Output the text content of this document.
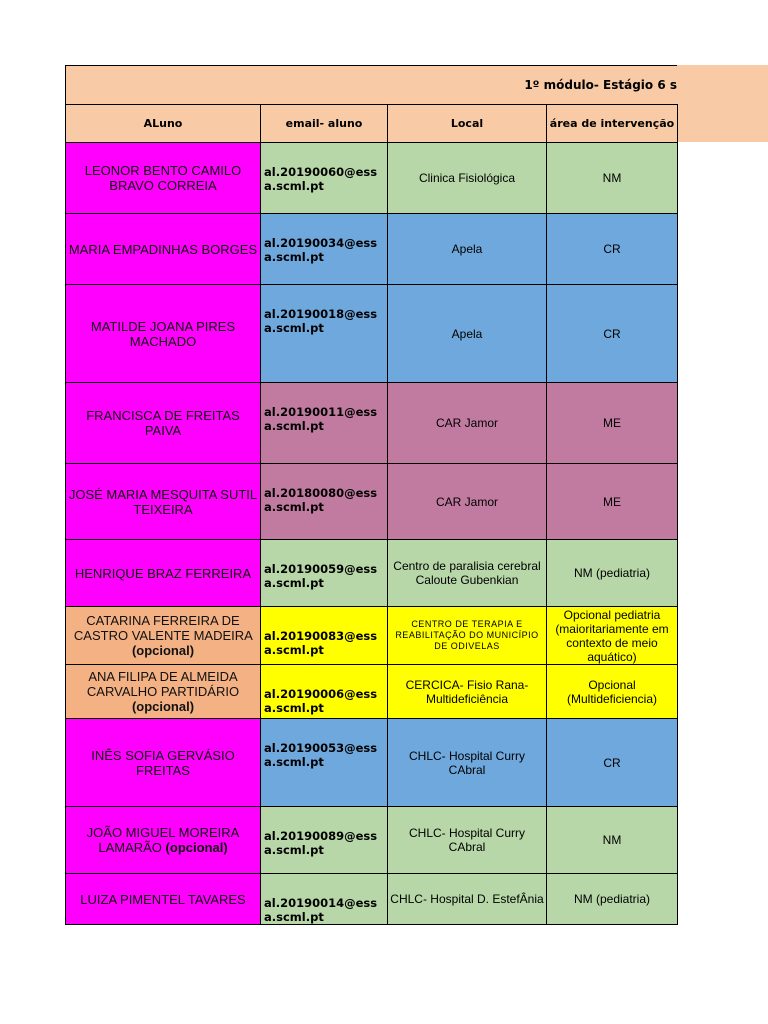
1º módulo- Estágio 6 s
ALuno	email- aluno	Local	área de intervenção
LEONOR BENTO CAMILO BRAVO CORREIA	al.20190060@essa.scml.pt	Clinica Fisiológica	NM
MARIA EMPADINHAS BORGES	al.20190034@essa.scml.pt	Apela	CR
MATILDE JOANA PIRES MACHADO	al.20190018@essa.scml.pt	Apela	CR
FRANCISCA DE FREITAS PAIVA	al.20190011@essa.scml.pt	CAR Jamor	ME
JOSÉ MARIA MESQUITA SUTIL TEIXEIRA	al.20180080@essa.scml.pt	CAR Jamor	ME
HENRIQUE BRAZ FERREIRA	al.20190059@essa.scml.pt	Centro de paralisia cerebral Caloute Gubenkian	NM (pediatria)
CATARINA FERREIRA DE CASTRO VALENTE MADEIRA (opcional)	al.20190083@essa.scml.pt	CENTRO DE TERAPIA E REABILITAÇÃO DO MUNICÍPIO DE ODIVELAS	Opcional pediatria (maioritariamente em contexto de meio aquático)
ANA FILIPA DE ALMEIDA CARVALHO PARTIDÁRIO (opcional)	al.20190006@essa.scml.pt	CERCICA- Fisio Rana- Multideficiência	Opcional (Multideficiencia)
INÊS SOFIA GERVÁSIO FREITAS	al.20190053@essa.scml.pt	CHLC- Hospital Curry CAbral	CR
JOÃO MIGUEL MOREIRA LAMARÃO (opcional)	al.20190089@essa.scml.pt	CHLC- Hospital Curry CAbral	NM
LUIZA PIMENTEL TAVARES	al.20190014@essa.scml.pt	CHLC- Hospital D. EstefÂnia	NM (pediatria)
